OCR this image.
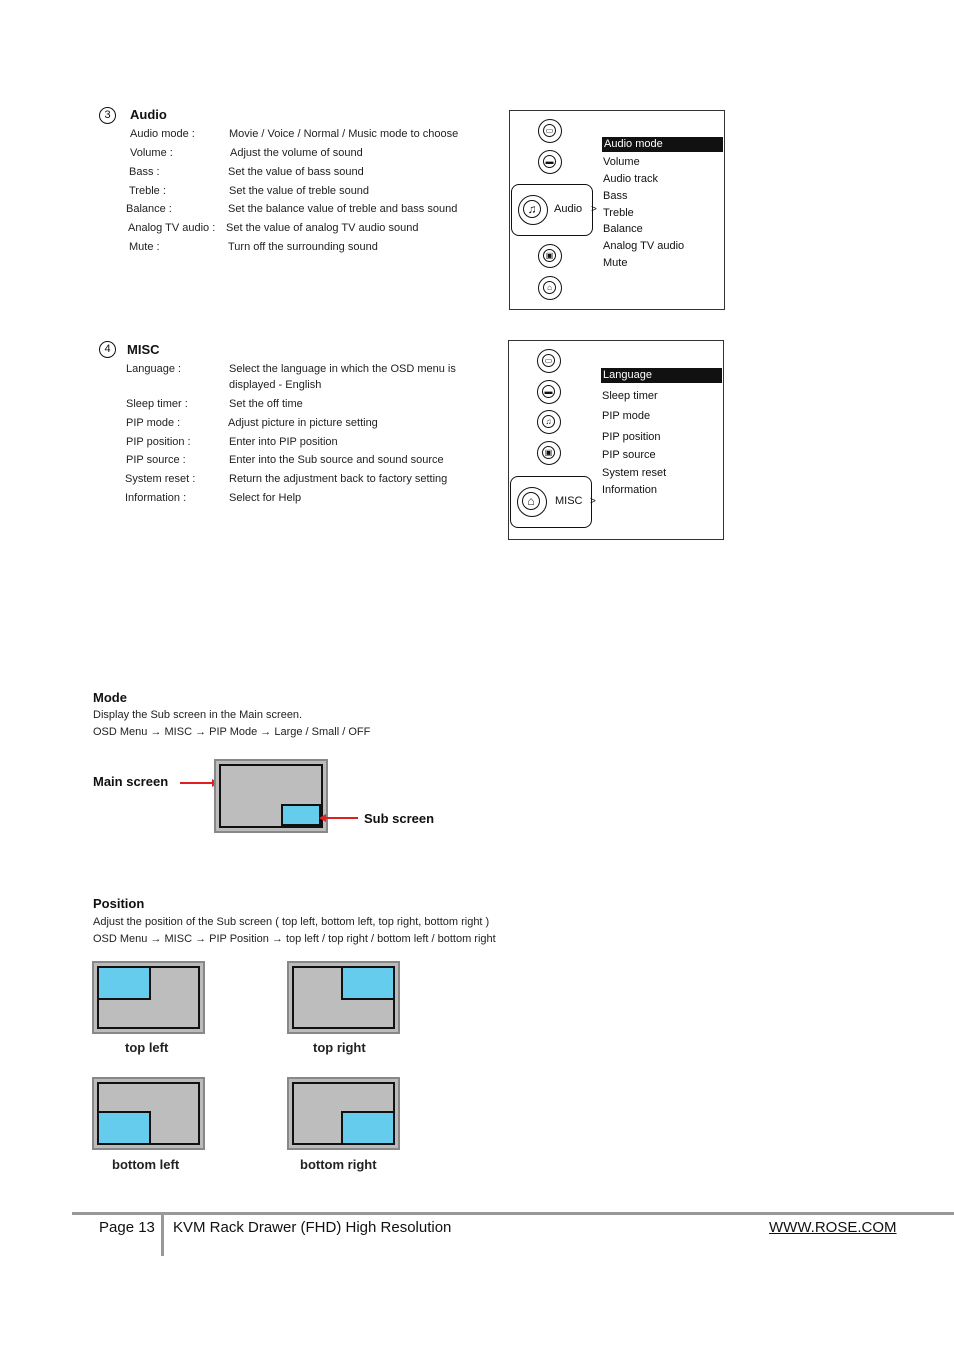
3	Audio
Audio mode :	Movie / Voice / Normal / Music mode to choose
Volume :	Adjust the volume of sound
Bass :	Set the value of bass sound
Treble :	Set the value of treble sound
Balance :	Set the balance value of treble and bass sound
Analog TV audio : Set the value of analog TV audio sound
Mute :	Turn off the surrounding sound
▭
▬
♫	Audio >
▣
⌂
Audio mode
Volume
Audio track
Bass
Treble
Balance
Analog TV audio
Mute
4	MISC
Language :	Select the language in which the OSD menu is
displayed - English
Sleep timer :	Set the off time
PIP mode :	Adjust picture in picture setting
PIP position :	Enter into PIP position
PIP source :	Enter into the Sub source and sound source
System reset :	Return the adjustment back to factory setting
Information :	Select for Help
▭
▬
♫
▣
⌂	MISC >
Language
Sleep timer
PIP mode
PIP position
PIP source
System reset
Information
Mode
Display the Sub screen in the Main screen.
OSD Menu → MISC → PIP Mode → Large / Small / OFF
Main screen
Sub screen
Position
Adjust the position of the Sub screen ( top left, bottom left, top right, bottom right )
OSD Menu → MISC → PIP Position → top left / top right / bottom left / bottom right
top left	top right
bottom left	bottom right
Page 13 KVM Rack Drawer (FHD) High Resolution	WWW.ROSE.COM
